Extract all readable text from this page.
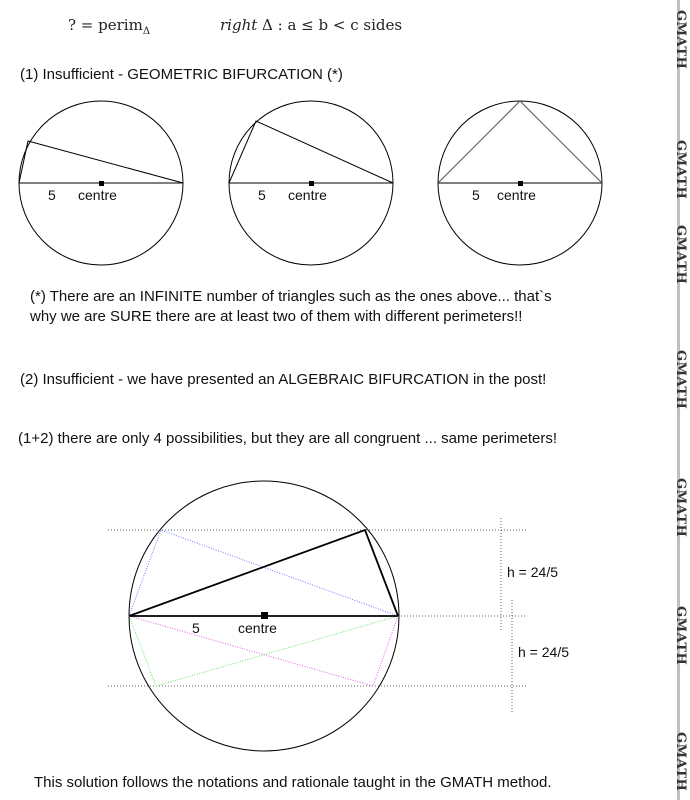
? = perim$_\Delta$	right Δ : a ≤ b < c sides
(1) Insufficient - GEOMETRIC BIFURCATION (*)
5 centre	5 centre	5 centre
5	centre
h = 24/5
h = 24/5
(*) There are an INFINITE number of triangles such as the ones above... that`s
why we are SURE there are at least two of them with different perimeters!!
(2) Insufficient - we have presented an ALGEBRAIC BIFURCATION in the post!
(1+2) there are only 4 possibilities, but they are all congruent ... same perimeters!
This solution follows the notations and rationale taught in the GMATH method.
GMATH
GMATH
GMATH
GMATH
GMATH
GMATH
GMATH
